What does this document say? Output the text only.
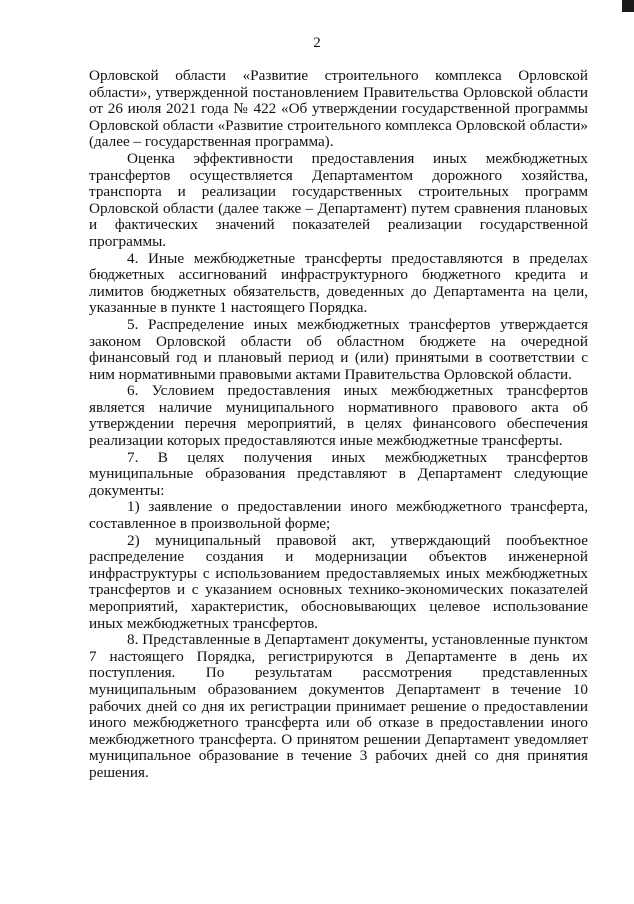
2

Орловской области «Развитие строительного комплекса Орловской области», утвержденной постановлением Правительства Орловской области от 26 июля 2021 года № 422 «Об утверждении государственной программы Орловской области «Развитие строительного комплекса Орловской области» (далее – государственная программа).

Оценка эффективности предоставления иных межбюджетных трансфертов осуществляется Департаментом дорожного хозяйства, транспорта и реализации государственных строительных программ Орловской области (далее также – Департамент) путем сравнения плановых и фактических значений показателей реализации государственной программы.

4. Иные межбюджетные трансферты предоставляются в пределах бюджетных ассигнований инфраструктурного бюджетного кредита и лимитов бюджетных обязательств, доведенных до Департамента на цели, указанные в пункте 1 настоящего Порядка.

5. Распределение иных межбюджетных трансфертов утверждается законом Орловской области об областном бюджете на очередной финансовый год и плановый период и (или) принятыми в соответствии с ним нормативными правовыми актами Правительства Орловской области.

6. Условием предоставления иных межбюджетных трансфертов является наличие муниципального нормативного правового акта об утверждении перечня мероприятий, в целях финансового обеспечения реализации которых предоставляются иные межбюджетные трансферты.

7. В целях получения иных межбюджетных трансфертов муниципальные образования представляют в Департамент следующие документы:

1) заявление о предоставлении иного межбюджетного трансферта, составленное в произвольной форме;

2) муниципальный правовой акт, утверждающий пообъектное распределение создания и модернизации объектов инженерной инфраструктуры с использованием предоставляемых иных межбюджетных трансфертов и с указанием основных технико-экономических показателей мероприятий, характеристик, обосновывающих целевое использование иных межбюджетных трансфертов.

8. Представленные в Департамент документы, установленные пунктом 7 настоящего Порядка, регистрируются в Департаменте в день их поступления. По результатам рассмотрения представленных муниципальным образованием документов Департамент в течение 10 рабочих дней со дня их регистрации принимает решение о предоставлении иного межбюджетного трансферта или об отказе в предоставлении иного межбюджетного трансферта. О принятом решении Департамент уведомляет муниципальное образование в течение 3 рабочих дней со дня принятия решения.
